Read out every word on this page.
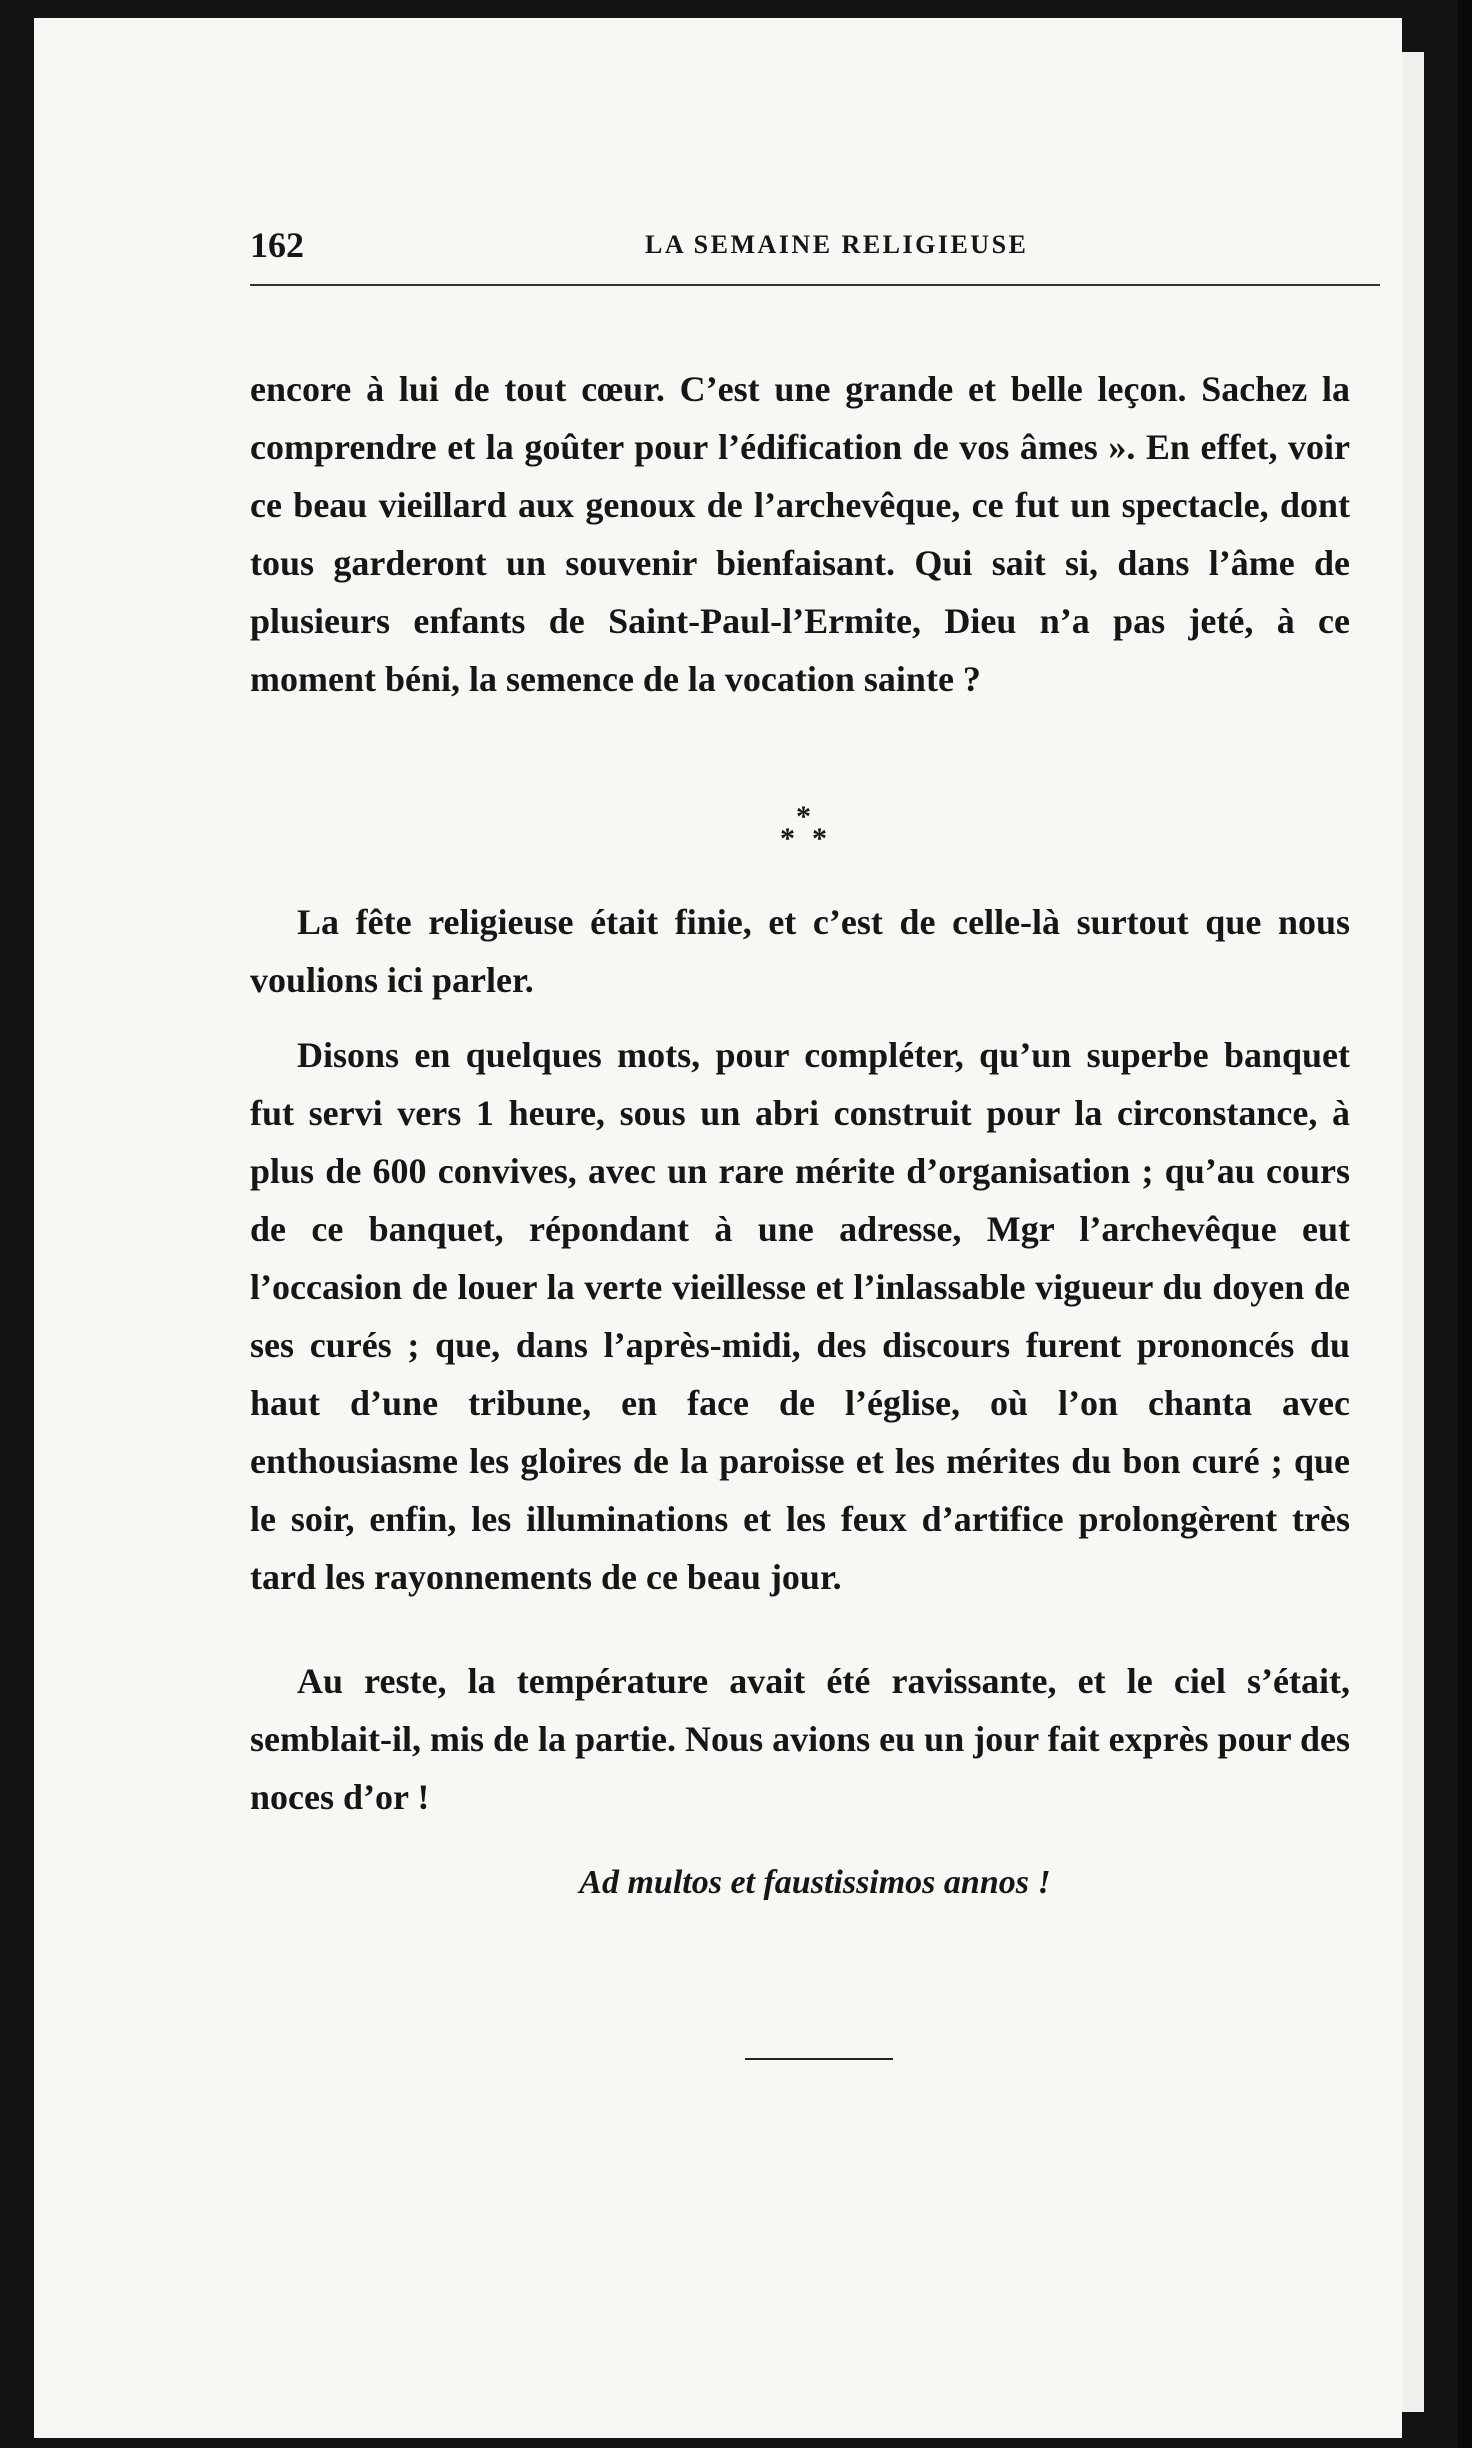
162	LA SEMAINE RELIGIEUSE

encore à lui de tout cœur. C’est une grande et belle leçon. Sachez la comprendre et la goûter pour l’édification de vos âmes ». En effet, voir ce beau vieillard aux genoux de l’archevêque, ce fut un spectacle, dont tous garderont un souvenir bienfaisant. Qui sait si, dans l’âme de plusieurs enfants de Saint-Paul-l’Ermite, Dieu n’a pas jeté, à ce moment béni, la semence de la vocation sainte ?

*
* *

La fête religieuse était finie, et c’est de celle-là surtout que nous voulions ici parler.

Disons en quelques mots, pour compléter, qu’un superbe banquet fut servi vers 1 heure, sous un abri construit pour la circonstance, à plus de 600 convives, avec un rare mérite d’organisation ; qu’au cours de ce banquet, répondant à une adresse, Mgr l’archevêque eut l’occasion de louer la verte vieillesse et l’inlassable vigueur du doyen de ses curés ; que, dans l’après-midi, des discours furent prononcés du haut d’une tribune, en face de l’église, où l’on chanta avec enthousiasme les gloires de la paroisse et les mérites du bon curé ; que le soir, enfin, les illuminations et les feux d’artifice prolongèrent très tard les rayonnements de ce beau jour.

Au reste, la température avait été ravissante, et le ciel s’était, semblait-il, mis de la partie. Nous avions eu un jour fait exprès pour des noces d’or !

Ad multos et faustissimos annos !
